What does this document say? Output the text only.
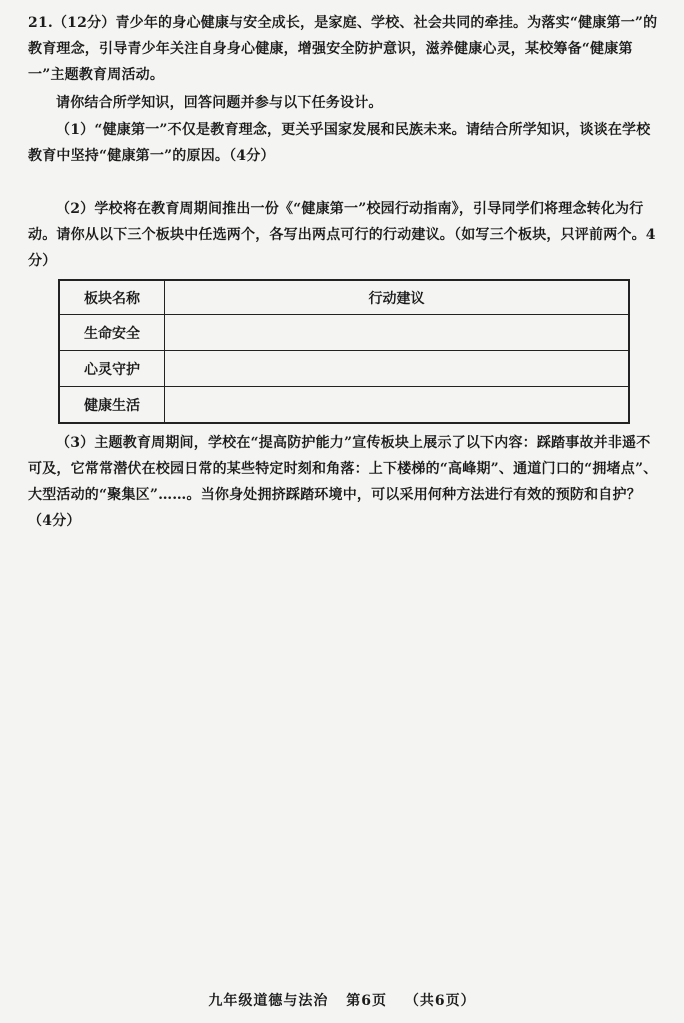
21.（12分）青少年的身心健康与安全成长，是家庭、学校、社会共同的牵挂。为落实“健康第一”的教育理念，引导青少年关注自身身心健康，增强安全防护意识，滋养健康心灵，某校筹备“健康第一”主题教育周活动。
请你结合所学知识，回答问题并参与以下任务设计。
（1）“健康第一”不仅是教育理念，更关乎国家发展和民族未来。请结合所学知识，谈谈在学校教育中坚持“健康第一”的原因。（4分）
（2）学校将在教育周期间推出一份《“健康第一”校园行动指南》，引导同学们将理念转化为行动。请你从以下三个板块中任选两个，各写出两点可行的行动建议。（如写三个板块，只评前两个。4分）
板块名称	行动建议
生命安全	
心灵守护	
健康生活	
（3）主题教育周期间，学校在“提高防护能力”宣传板块上展示了以下内容：踩踏事故并非遥不可及，它常常潜伏在校园日常的某些特定时刻和角落：上下楼梯的“高峰期”、通道门口的“拥堵点”、大型活动的“聚集区”……。当你身处拥挤踩踏环境中，可以采用何种方法进行有效的预防和自护？（4分）
九年级道德与法治 第6页 （共6页）
